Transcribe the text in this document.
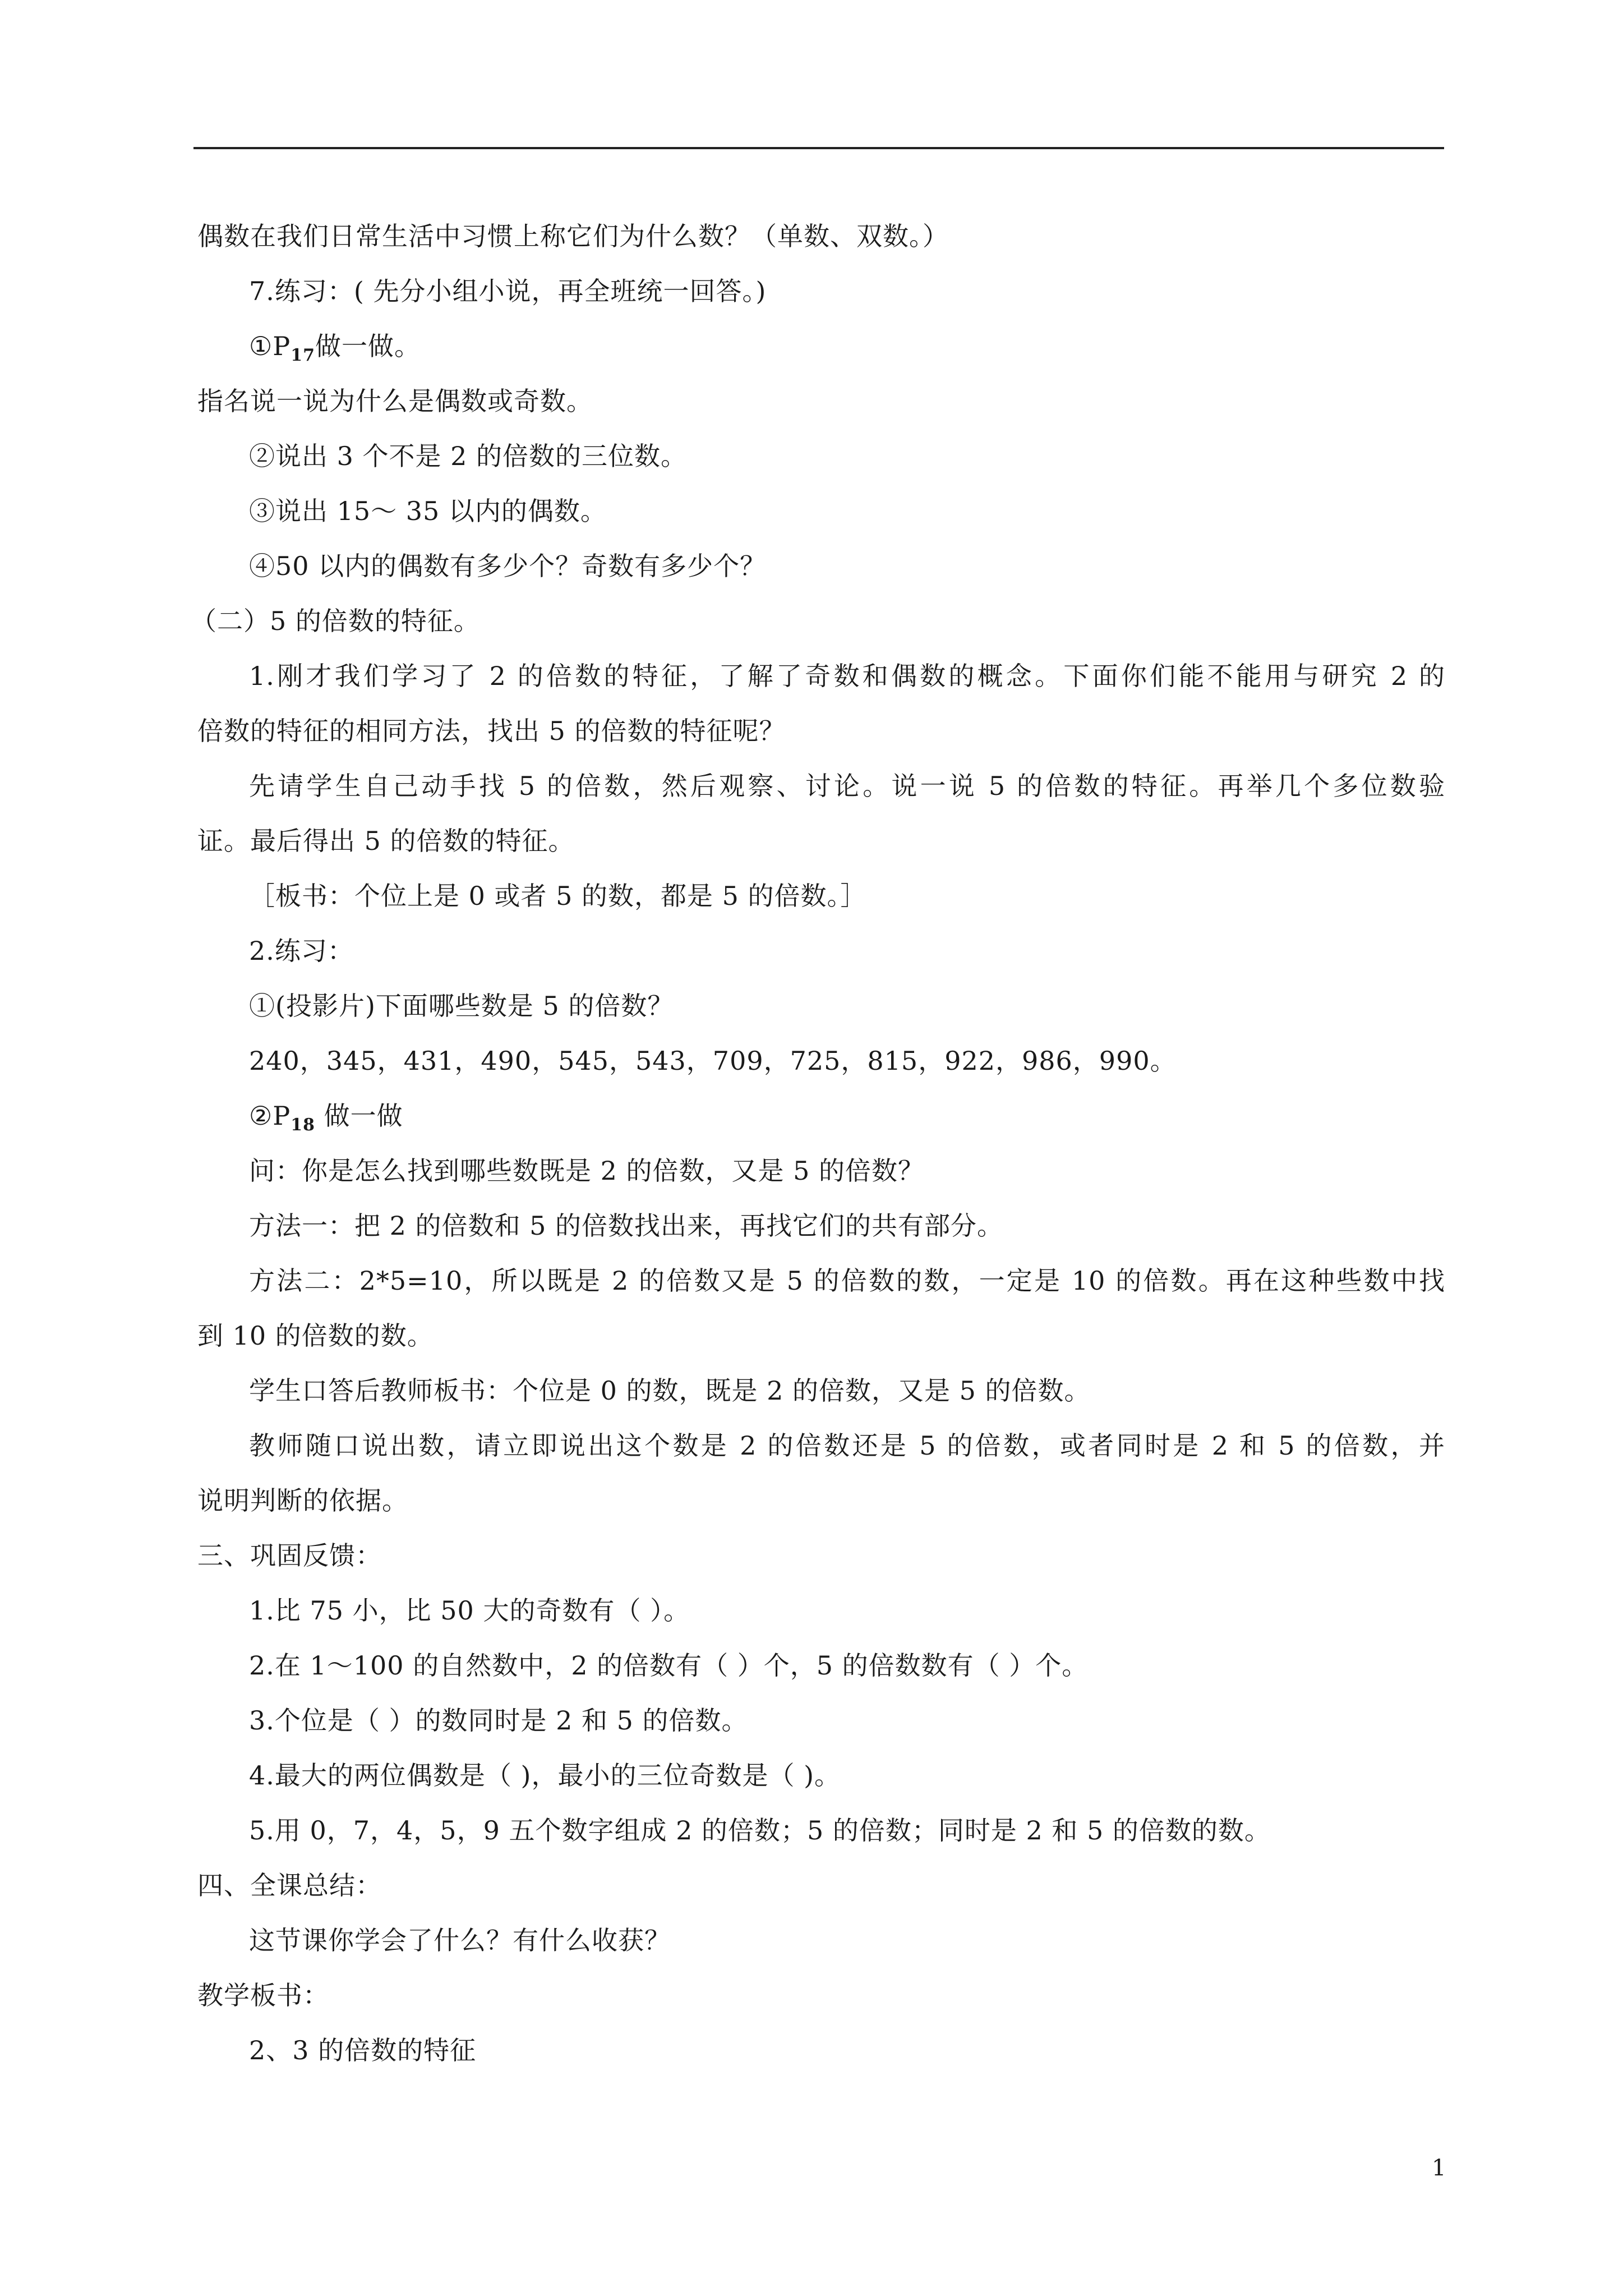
偶数在我们日常生活中习惯上称它们为什么数？（单数、双数。）
7.练习：( 先分小组小说，再全班统一回答。)
$①P_{17}$做一做。
指名说一说为什么是偶数或奇数。
②说出 3 个不是 2 的倍数的三位数。
③说出 15～ 35 以内的偶数。
④50 以内的偶数有多少个？奇数有多少个？
（二）5 的倍数的特征。
1.刚才我们学习了 2 的倍数的特征，了解了奇数和偶数的概念。下面你们能不能用与研究 2 的
倍数的特征的相同方法，找出 5 的倍数的特征呢？
先请学生自己动手找 5 的倍数，然后观察、讨论。说一说 5 的倍数的特征。再举几个多位数验
证。最后得出 5 的倍数的特征。
［板书：个位上是 0 或者 5 的数，都是 5 的倍数。］
2.练习：
①(投影片)下面哪些数是 5 的倍数？
240，345，431，490，545，543，709，725，815，922，986，990。
$②P_{18}$ 做一做
问：你是怎么找到哪些数既是 2 的倍数，又是 5 的倍数？
方法一：把 2 的倍数和 5 的倍数找出来，再找它们的共有部分。
方法二：2*5=10，所以既是 2 的倍数又是 5 的倍数的数，一定是 10 的倍数。再在这种些数中找
到 10 的倍数的数。
学生口答后教师板书：个位是 0 的数，既是 2 的倍数，又是 5 的倍数。
教师随口说出数，请立即说出这个数是 2 的倍数还是 5 的倍数，或者同时是 2 和 5 的倍数，并
说明判断的依据。
三、巩固反馈：
1.比 75 小，比 50 大的奇数有（ ）。
2.在 1～100 的自然数中，2 的倍数有（ ）个，5 的倍数数有（ ）个。
3.个位是（ ）的数同时是 2 和 5 的倍数。
4.最大的两位偶数是（ )，最小的三位奇数是（ )。
5.用 0，7，4，5，9 五个数字组成 2 的倍数；5 的倍数；同时是 2 和 5 的倍数的数。
四、全课总结：
这节课你学会了什么？有什么收获？
教学板书：
2、3 的倍数的特征
1
